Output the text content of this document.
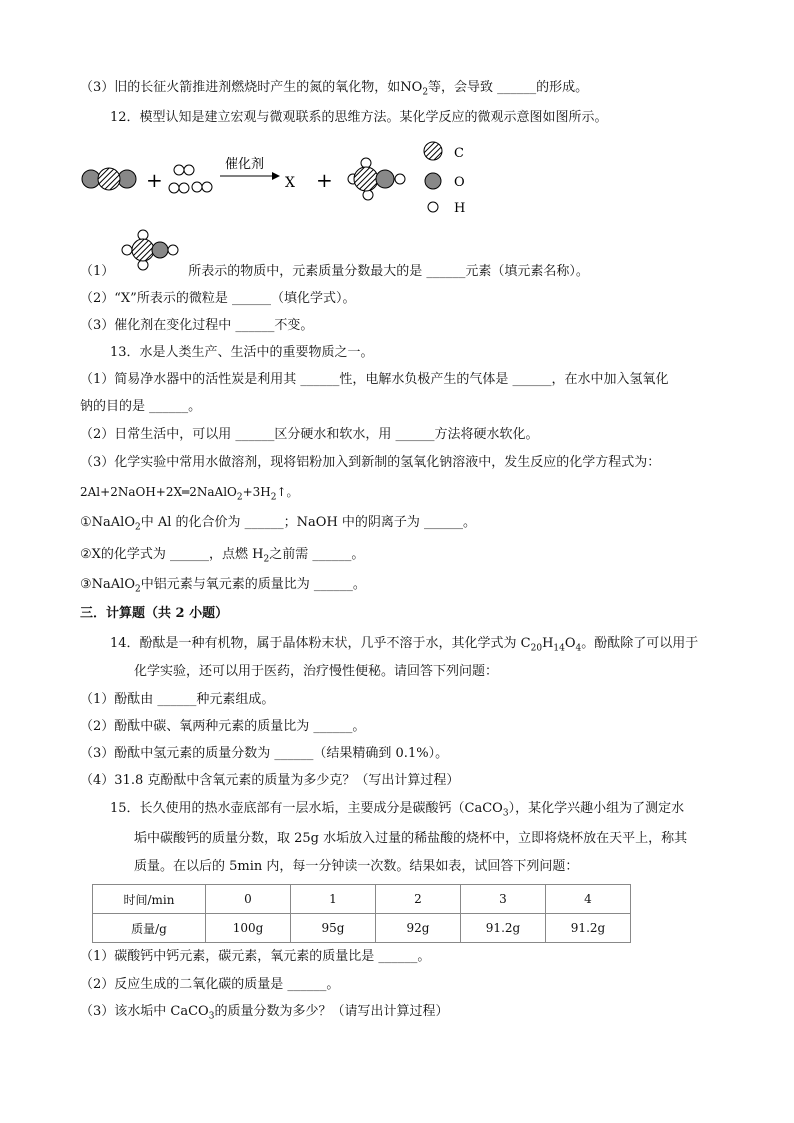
（3）旧的长征火箭推进剂燃烧时产生的氮的氧化物，如$NO_2$等，会导致 ______的形成。
12．模型认知是建立宏观与微观联系的思维方法。某化学反应的微观示意图如图所示。
+
催化剂
X +
C
O
H
（1）	所表示的物质中，元素质量分数最大的是 ______元素（填元素名称）。
（2）“X”所表示的微粒是 ______（填化学式）。
（3）催化剂在变化过程中 ______不变。
13．水是人类生产、生活中的重要物质之一。
（1）简易净水器中的活性炭是利用其 ______性，电解水负极产生的气体是 ______，在水中加入氢氧化
钠的目的是 ______。
（2）日常生活中，可以用 ______区分硬水和软水，用 ______方法将硬水软化。
（3）化学实验中常用水做溶剂，现将铝粉加入到新制的氢氧化钠溶液中，发生反应的化学方程式为：
$2Al+2NaOH+2X═2NaAlO_2+3H_2↑$。
①NaAlO$_2$中 Al 的化合价为 ______；NaOH 中的阴离子为 ______。
②X的化学式为 ______，点燃 $H_2$之前需 ______。
③NaAlO$_2$中铝元素与氧元素的质量比为 ______。
三．计算题（共 2 小题）
14．酚酞是一种有机物，属于晶体粉末状，几乎不溶于水，其化学式为 $C_{20}H_{14}O_4$。酚酞除了可以用于
化学实验，还可以用于医药，治疗慢性便秘。请回答下列问题：
（1）酚酞由 ______种元素组成。
（2）酚酞中碳、氧两种元素的质量比为 ______。
（3）酚酞中氢元素的质量分数为 ______（结果精确到 0.1%）。
（4）31.8 克酚酞中含氧元素的质量为多少克？（写出计算过程）
15．长久使用的热水壶底部有一层水垢，主要成分是碳酸钙（CaCO$_3$），某化学兴趣小组为了测定水
垢中碳酸钙的质量分数，取 25g 水垢放入过量的稀盐酸的烧杯中，立即将烧杯放在天平上，称其
质量。在以后的 5min 内，每一分钟读一次数。结果如表，试回答下列问题：
时间/min	0	1	2	3	4
质量/g	100g	95g	92g	91.2g	91.2g
（1）碳酸钙中钙元素，碳元素，氧元素的质量比是 ______。
（2）反应生成的二氧化碳的质量是 ______。
（3）该水垢中 CaCO$_3$的质量分数为多少？（请写出计算过程）
